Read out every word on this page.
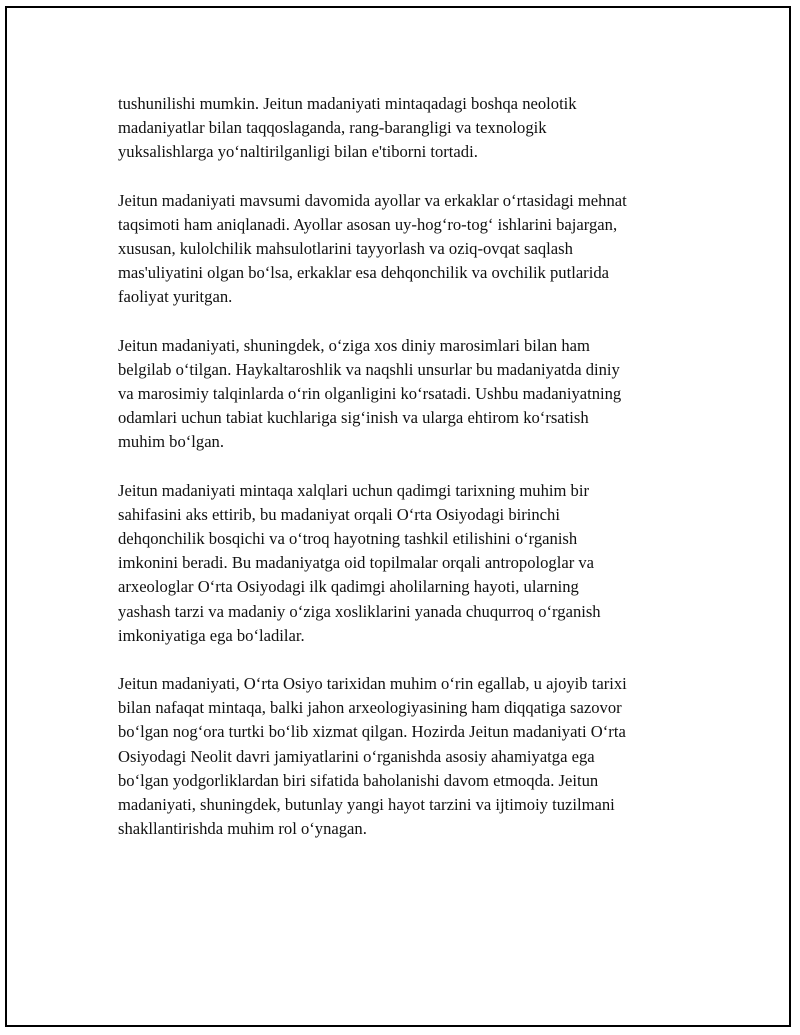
tushunilishi mumkin. Jeitun madaniyati mintaqadagi boshqa neolotik
madaniyatlar bilan taqqoslaganda, rang-barangligi va texnologik
yuksalishlarga yo‘naltirilganligi bilan e'tiborni tortadi.

Jeitun madaniyati mavsumi davomida ayollar va erkaklar o‘rtasidagi mehnat
taqsimoti ham aniqlanadi. Ayollar asosan uy-hog‘ro-tog‘ ishlarini bajargan,
xususan, kulolchilik mahsulotlarini tayyorlash va oziq-ovqat saqlash
mas'uliyatini olgan bo‘lsa, erkaklar esa dehqonchilik va ovchilik putlarida
faoliyat yuritgan.

Jeitun madaniyati, shuningdek, o‘ziga xos diniy marosimlari bilan ham
belgilab o‘tilgan. Haykaltaroshlik va naqshli unsurlar bu madaniyatda diniy
va marosimiy talqinlarda o‘rin olganligini ko‘rsatadi. Ushbu madaniyatning
odamlari uchun tabiat kuchlariga sig‘inish va ularga ehtirom ko‘rsatish
muhim bo‘lgan.

Jeitun madaniyati mintaqa xalqlari uchun qadimgi tarixning muhim bir
sahifasini aks ettirib, bu madaniyat orqali O‘rta Osiyodagi birinchi
dehqonchilik bosqichi va o‘troq hayotning tashkil etilishini o‘rganish
imkonini beradi. Bu madaniyatga oid topilmalar orqali antropologlar va
arxeologlar O‘rta Osiyodagi ilk qadimgi aholilarning hayoti, ularning
yashash tarzi va madaniy o‘ziga xosliklarini yanada chuqurroq o‘rganish
imkoniyatiga ega bo‘ladilar.

Jeitun madaniyati, O‘rta Osiyo tarixidan muhim o‘rin egallab, u ajoyib tarixi
bilan nafaqat mintaqa, balki jahon arxeologiyasining ham diqqatiga sazovor
bo‘lgan nog‘ora turtki bo‘lib xizmat qilgan. Hozirda Jeitun madaniyati O‘rta
Osiyodagi Neolit davri jamiyatlarini o‘rganishda asosiy ahamiyatga ega
bo‘lgan yodgorliklardan biri sifatida baholanishi davom etmoqda. Jeitun
madaniyati, shuningdek, butunlay yangi hayot tarzini va ijtimoiy tuzilmani
shakllantirishda muhim rol o‘ynagan.
